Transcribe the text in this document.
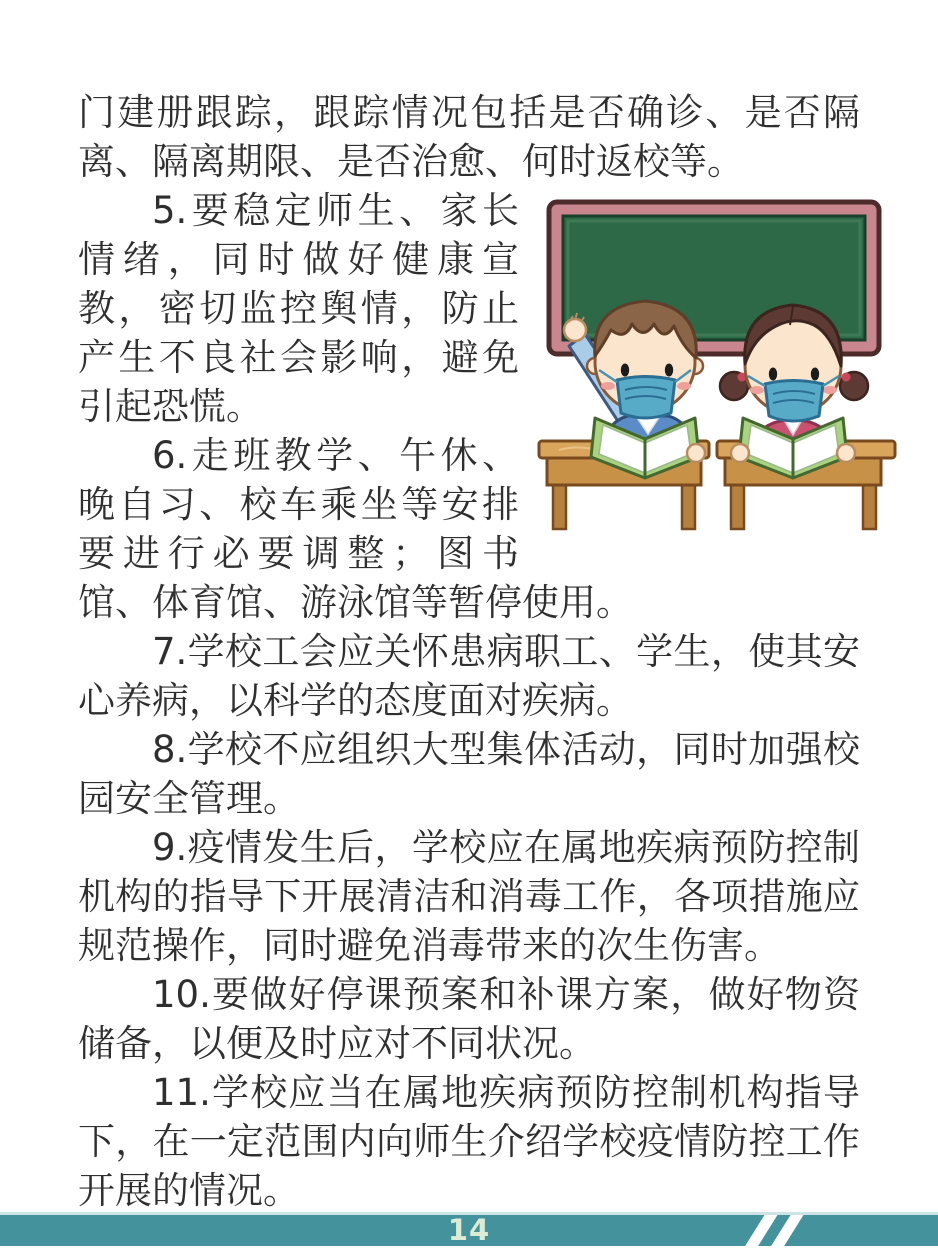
门建册跟踪，跟踪情况包括是否确诊、是否隔离、隔离期限、是否治愈、何时返校等。

5.要稳定师生、家长情绪，同时做好健康宣教，密切监控舆情，防止产生不良社会影响，避免引起恐慌。

6.走班教学、午休、晚自习、校车乘坐等安排要进行必要调整；图书馆、体育馆、游泳馆等暂停使用。

7.学校工会应关怀患病职工、学生，使其安心养病，以科学的态度面对疾病。

8.学校不应组织大型集体活动，同时加强校园安全管理。

9.疫情发生后，学校应在属地疾病预防控制机构的指导下开展清洁和消毒工作，各项措施应规范操作，同时避免消毒带来的次生伤害。

10.要做好停课预案和补课方案，做好物资储备，以便及时应对不同状况。

11.学校应当在属地疾病预防控制机构指导下，在一定范围内向师生介绍学校疫情防控工作开展的情况。

14
